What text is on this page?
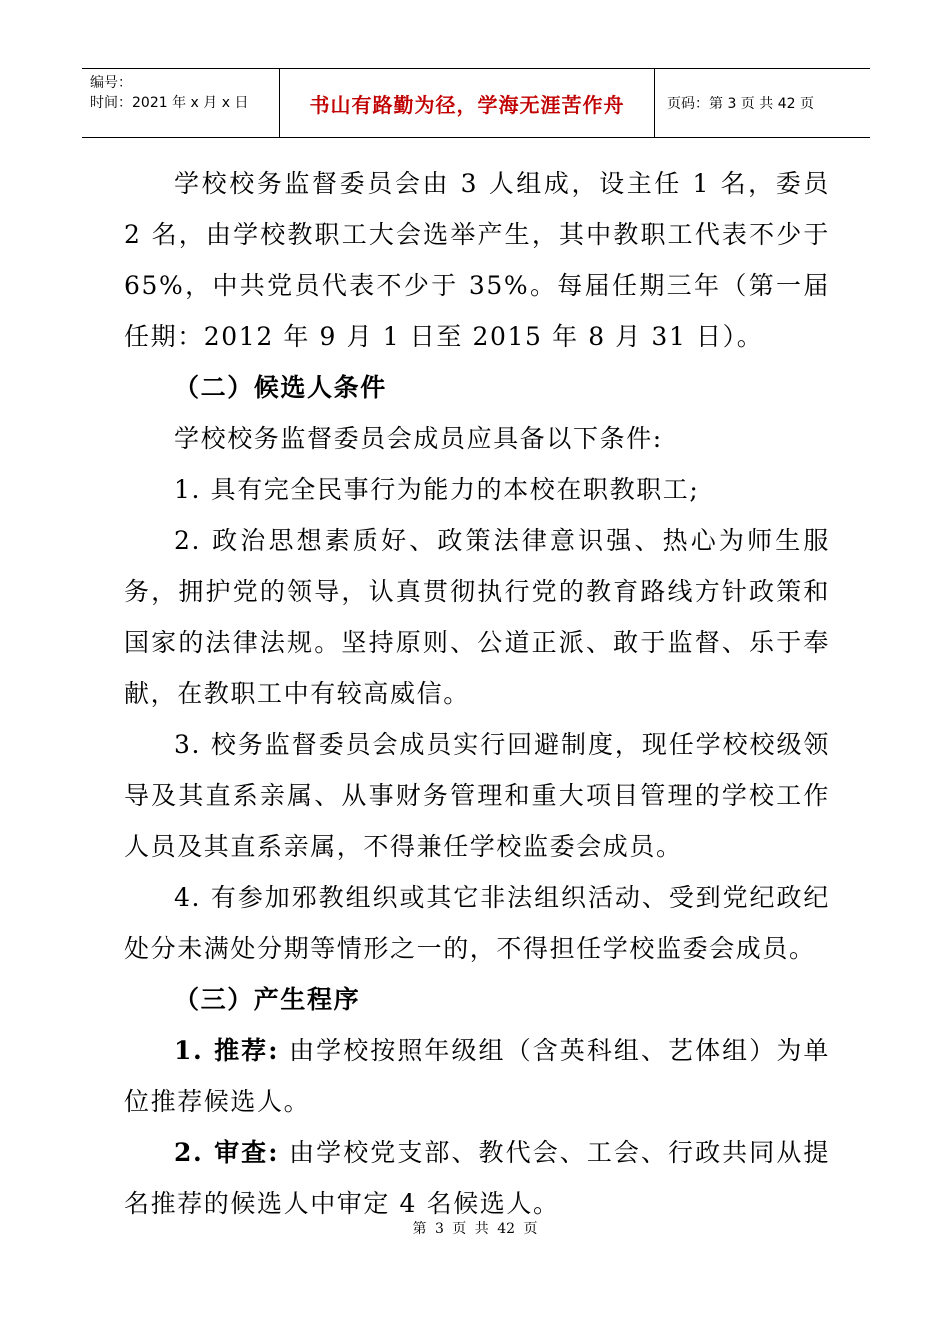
编号：
时间：2021 年 x 月 x 日	书山有路勤为径，学海无涯苦作舟	页码：第 3 页 共 42 页

学校校务监督委员会由 3 人组成，设主任 1 名，委员 2 名，由学校教职工大会选举产生，其中教职工代表不少于 65%，中共党员代表不少于 35%。每届任期三年（第一届任期：2012 年 9 月 1 日至 2015 年 8 月 31 日）。

（二）候选人条件

学校校务监督委员会成员应具备以下条件:

1. 具有完全民事行为能力的本校在职教职工;

2. 政治思想素质好、政策法律意识强、热心为师生服务，拥护党的领导，认真贯彻执行党的教育路线方针政策和国家的法律法规。坚持原则、公道正派、敢于监督、乐于奉献，在教职工中有较高威信。

3. 校务监督委员会成员实行回避制度，现任学校校级领导及其直系亲属、从事财务管理和重大项目管理的学校工作人员及其直系亲属，不得兼任学校监委会成员。

4. 有参加邪教组织或其它非法组织活动、受到党纪政纪处分未满处分期等情形之一的，不得担任学校监委会成员。

（三）产生程序

1. 推荐: 由学校按照年级组（含英科组、艺体组）为单位推荐候选人。

2. 审查: 由学校党支部、教代会、工会、行政共同从提名推荐的候选人中审定 4 名候选人。

第 3 页 共 42 页
